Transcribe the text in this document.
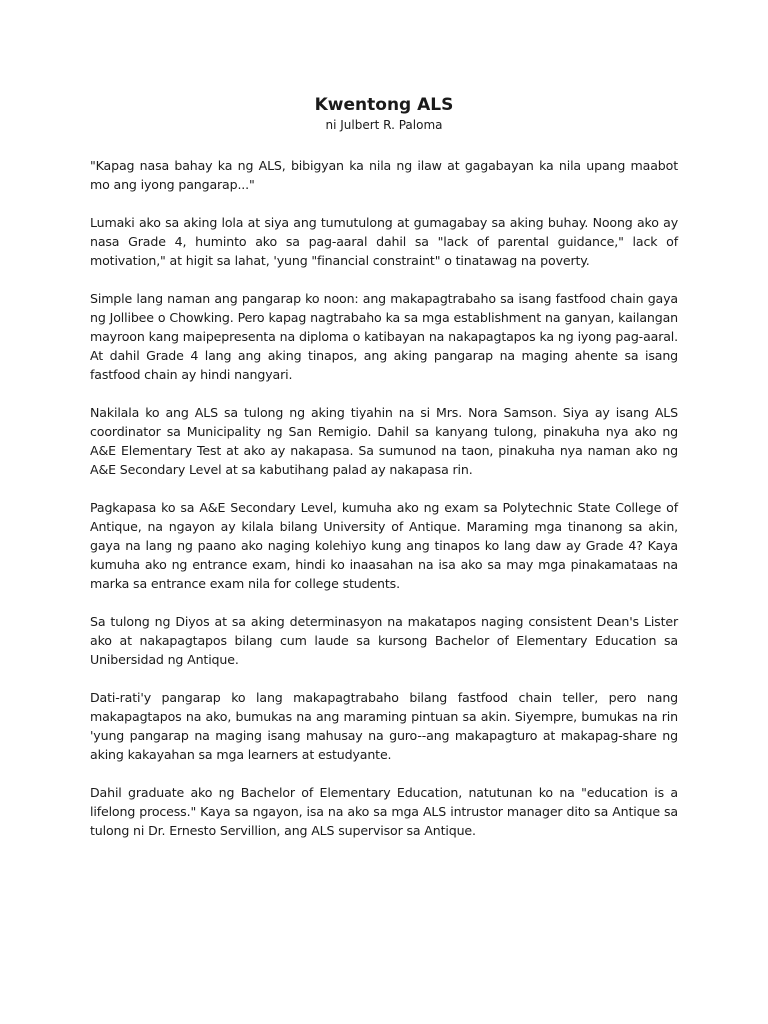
Kwentong ALS

ni Julbert R. Paloma

"Kapag nasa bahay ka ng ALS, bibigyan ka nila ng ilaw at gagabayan ka nila upang maabot mo ang iyong pangarap..."

Lumaki ako sa aking lola at siya ang tumutulong at gumagabay sa aking buhay. Noong ako ay nasa Grade 4, huminto ako sa pag-aaral dahil sa "lack of parental guidance," lack of motivation," at higit sa lahat, 'yung "financial constraint" o tinatawag na poverty.

Simple lang naman ang pangarap ko noon: ang makapagtrabaho sa isang fastfood chain gaya ng Jollibee o Chowking. Pero kapag nagtrabaho ka sa mga establishment na ganyan, kailangan mayroon kang maipepresenta na diploma o katibayan na nakapagtapos ka ng iyong pag-aaral. At dahil Grade 4 lang ang aking tinapos, ang aking pangarap na maging ahente sa isang fastfood chain ay hindi nangyari.

Nakilala ko ang ALS sa tulong ng aking tiyahin na si Mrs. Nora Samson. Siya ay isang ALS coordinator sa Municipality ng San Remigio. Dahil sa kanyang tulong, pinakuha nya ako ng A&E Elementary Test at ako ay nakapasa. Sa sumunod na taon, pinakuha nya naman ako ng A&E Secondary Level at sa kabutihang palad ay nakapasa rin.

Pagkapasa ko sa A&E Secondary Level, kumuha ako ng exam sa Polytechnic State College of Antique, na ngayon ay kilala bilang University of Antique. Maraming mga tinanong sa akin, gaya na lang ng paano ako naging kolehiyo kung ang tinapos ko lang daw ay Grade 4? Kaya kumuha ako ng entrance exam, hindi ko inaasahan na isa ako sa may mga pinakamataas na marka sa entrance exam nila for college students.

Sa tulong ng Diyos at sa aking determinasyon na makatapos naging consistent Dean's Lister ako at nakapagtapos bilang cum laude sa kursong Bachelor of Elementary Education sa Unibersidad ng Antique.

Dati-rati'y pangarap ko lang makapagtrabaho bilang fastfood chain teller, pero nang makapagtapos na ako, bumukas na ang maraming pintuan sa akin. Siyempre, bumukas na rin 'yung pangarap na maging isang mahusay na guro--ang makapagturo at makapag-share ng aking kakayahan sa mga learners at estudyante.

Dahil graduate ako ng Bachelor of Elementary Education, natutunan ko na "education is a lifelong process." Kaya sa ngayon, isa na ako sa mga ALS intrustor manager dito sa Antique sa tulong ni Dr. Ernesto Servillion, ang ALS supervisor sa Antique.
